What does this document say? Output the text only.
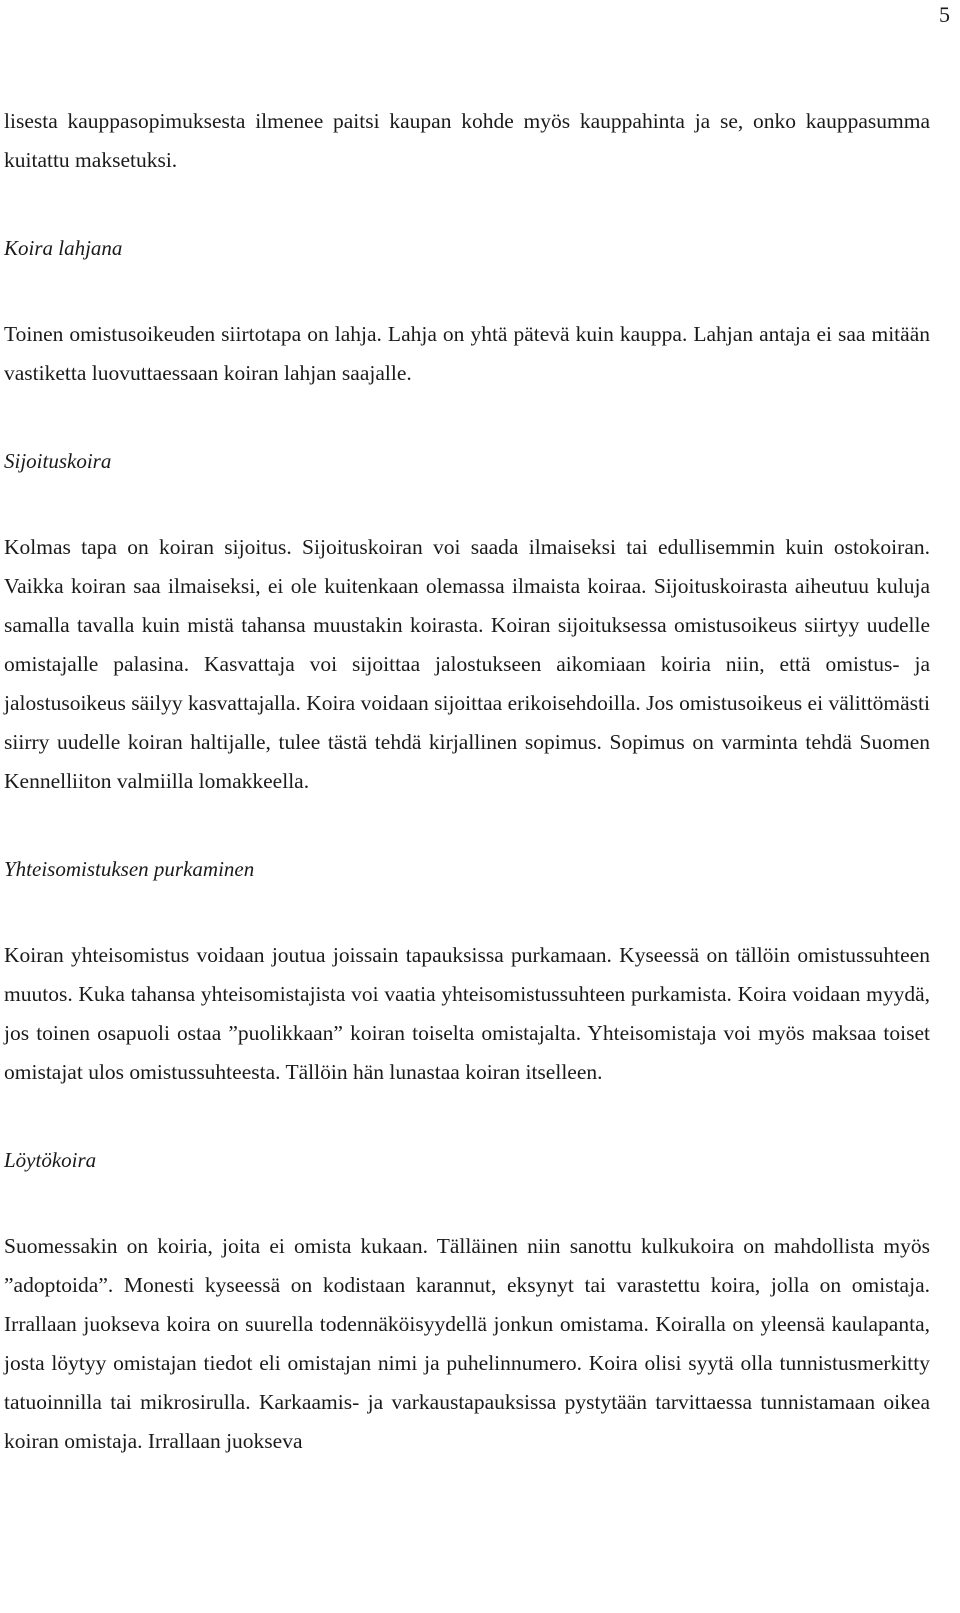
5

lisesta kauppasopimuksesta ilmenee paitsi kaupan kohde myös kauppahinta ja se, onko kauppasumma kuitattu maksetuksi.

Koira lahjana

Toinen omistusoikeuden siirtotapa on lahja. Lahja on yhtä pätevä kuin kauppa. Lahjan antaja ei saa mitään vastiketta luovuttaessaan koiran lahjan saajalle.

Sijoituskoira

Kolmas tapa on koiran sijoitus. Sijoituskoiran voi saada ilmaiseksi tai edullisemmin kuin ostokoiran. Vaikka koiran saa ilmaiseksi, ei ole kuitenkaan olemassa ilmaista koiraa. Sijoituskoirasta aiheutuu kuluja samalla tavalla kuin mistä tahansa muustakin koirasta. Koiran sijoituksessa omistusoikeus siirtyy uudelle omistajalle palasina. Kasvattaja voi sijoittaa jalostukseen aikomiaan koiria niin, että omistus- ja jalostusoikeus säilyy kasvattajalla. Koira voidaan sijoittaa erikoisehdoilla. Jos omistusoikeus ei välittömästi siirry uudelle koiran haltijalle, tulee tästä tehdä kirjallinen sopimus. Sopimus on varminta tehdä Suomen Kennelliiton valmiilla lomakkeella.

Yhteisomistuksen purkaminen

Koiran yhteisomistus voidaan joutua joissain tapauksissa purkamaan. Kyseessä on tällöin omistussuhteen muutos. Kuka tahansa yhteisomistajista voi vaatia yhteisomistussuhteen purkamista. Koira voidaan myydä, jos toinen osapuoli ostaa ”puolikkaan” koiran toiselta omistajalta. Yhteisomistaja voi myös maksaa toiset omistajat ulos omistussuhteesta. Tällöin hän lunastaa koiran itselleen.

Löytökoira

Suomessakin on koiria, joita ei omista kukaan. Tälläinen niin sanottu kulkukoira on mahdollista myös ”adoptoida”. Monesti kyseessä on kodistaan karannut, eksynyt tai varastettu koira, jolla on omistaja. Irrallaan juokseva koira on suurella todennäköisyydellä jonkun omistama. Koiralla on yleensä kaulapanta, josta löytyy omistajan tiedot eli omistajan nimi ja puhelinnumero. Koira olisi syytä olla tunnistusmerkitty tatuoinnilla tai mikrosirulla. Karkaamis- ja varkaustapauksissa pystytään tarvittaessa tunnistamaan oikea koiran omistaja. Irrallaan juokseva
